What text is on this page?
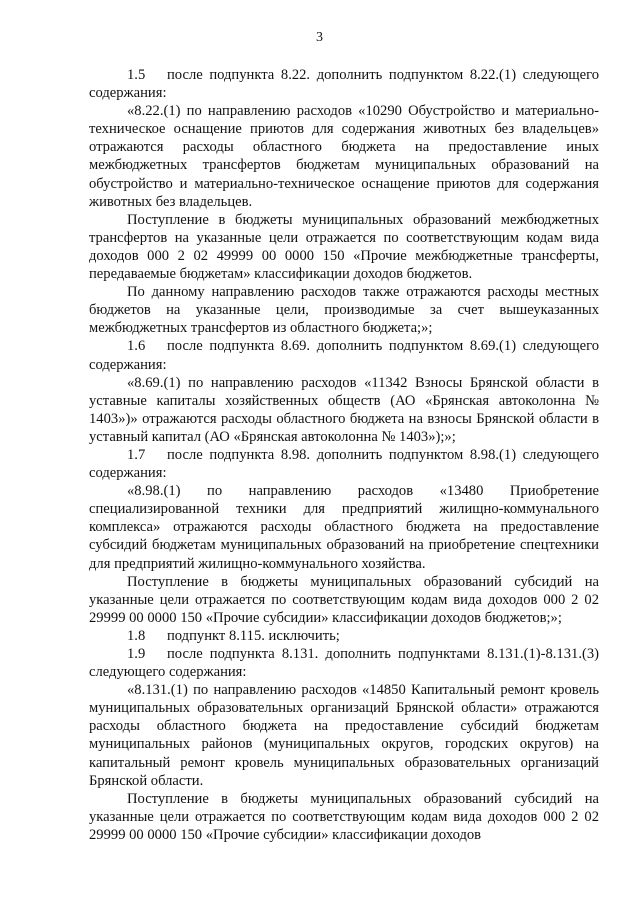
3

1.5 после подпункта 8.22. дополнить подпунктом 8.22.(1) следующего содержания:

«8.22.(1) по направлению расходов «10290 Обустройство и материально-техническое оснащение приютов для содержания животных без владельцев» отражаются расходы областного бюджета на предоставление иных межбюджетных трансфертов бюджетам муниципальных образований на обустройство и материально-техническое оснащение приютов для содержания животных без владельцев.

Поступление в бюджеты муниципальных образований межбюджетных трансфертов на указанные цели отражается по соответствующим кодам вида доходов 000 2 02 49999 00 0000 150 «Прочие межбюджетные трансферты, передаваемые бюджетам» классификации доходов бюджетов.

По данному направлению расходов также отражаются расходы местных бюджетов на указанные цели, производимые за счет вышеуказанных межбюджетных трансфертов из областного бюджета;»;

1.6 после подпункта 8.69. дополнить подпунктом 8.69.(1) следующего содержания:

«8.69.(1) по направлению расходов «11342 Взносы Брянской области в уставные капиталы хозяйственных обществ (АО «Брянская автоколонна № 1403»)» отражаются расходы областного бюджета на взносы Брянской области в уставный капитал (АО «Брянская автоколонна № 1403»);»;

1.7 после подпункта 8.98. дополнить подпунктом 8.98.(1) следующего содержания:

«8.98.(1) по направлению расходов «13480 Приобретение специализированной техники для предприятий жилищно-коммунального комплекса» отражаются расходы областного бюджета на предоставление субсидий бюджетам муниципальных образований на приобретение спецтехники для предприятий жилищно-коммунального хозяйства.

Поступление в бюджеты муниципальных образований субсидий на указанные цели отражается по соответствующим кодам вида доходов 000 2 02 29999 00 0000 150 «Прочие субсидии» классификации доходов бюджетов;»;

1.8 подпункт 8.115. исключить;

1.9 после подпункта 8.131. дополнить подпунктами 8.131.(1)-8.131.(3) следующего содержания:

«8.131.(1) по направлению расходов «14850 Капитальный ремонт кровель муниципальных образовательных организаций Брянской области» отражаются расходы областного бюджета на предоставление субсидий бюджетам муниципальных районов (муниципальных округов, городских округов) на капитальный ремонт кровель муниципальных образовательных организаций Брянской области.

Поступление в бюджеты муниципальных образований субсидий на указанные цели отражается по соответствующим кодам вида доходов 000 2 02 29999 00 0000 150 «Прочие субсидии» классификации доходов
